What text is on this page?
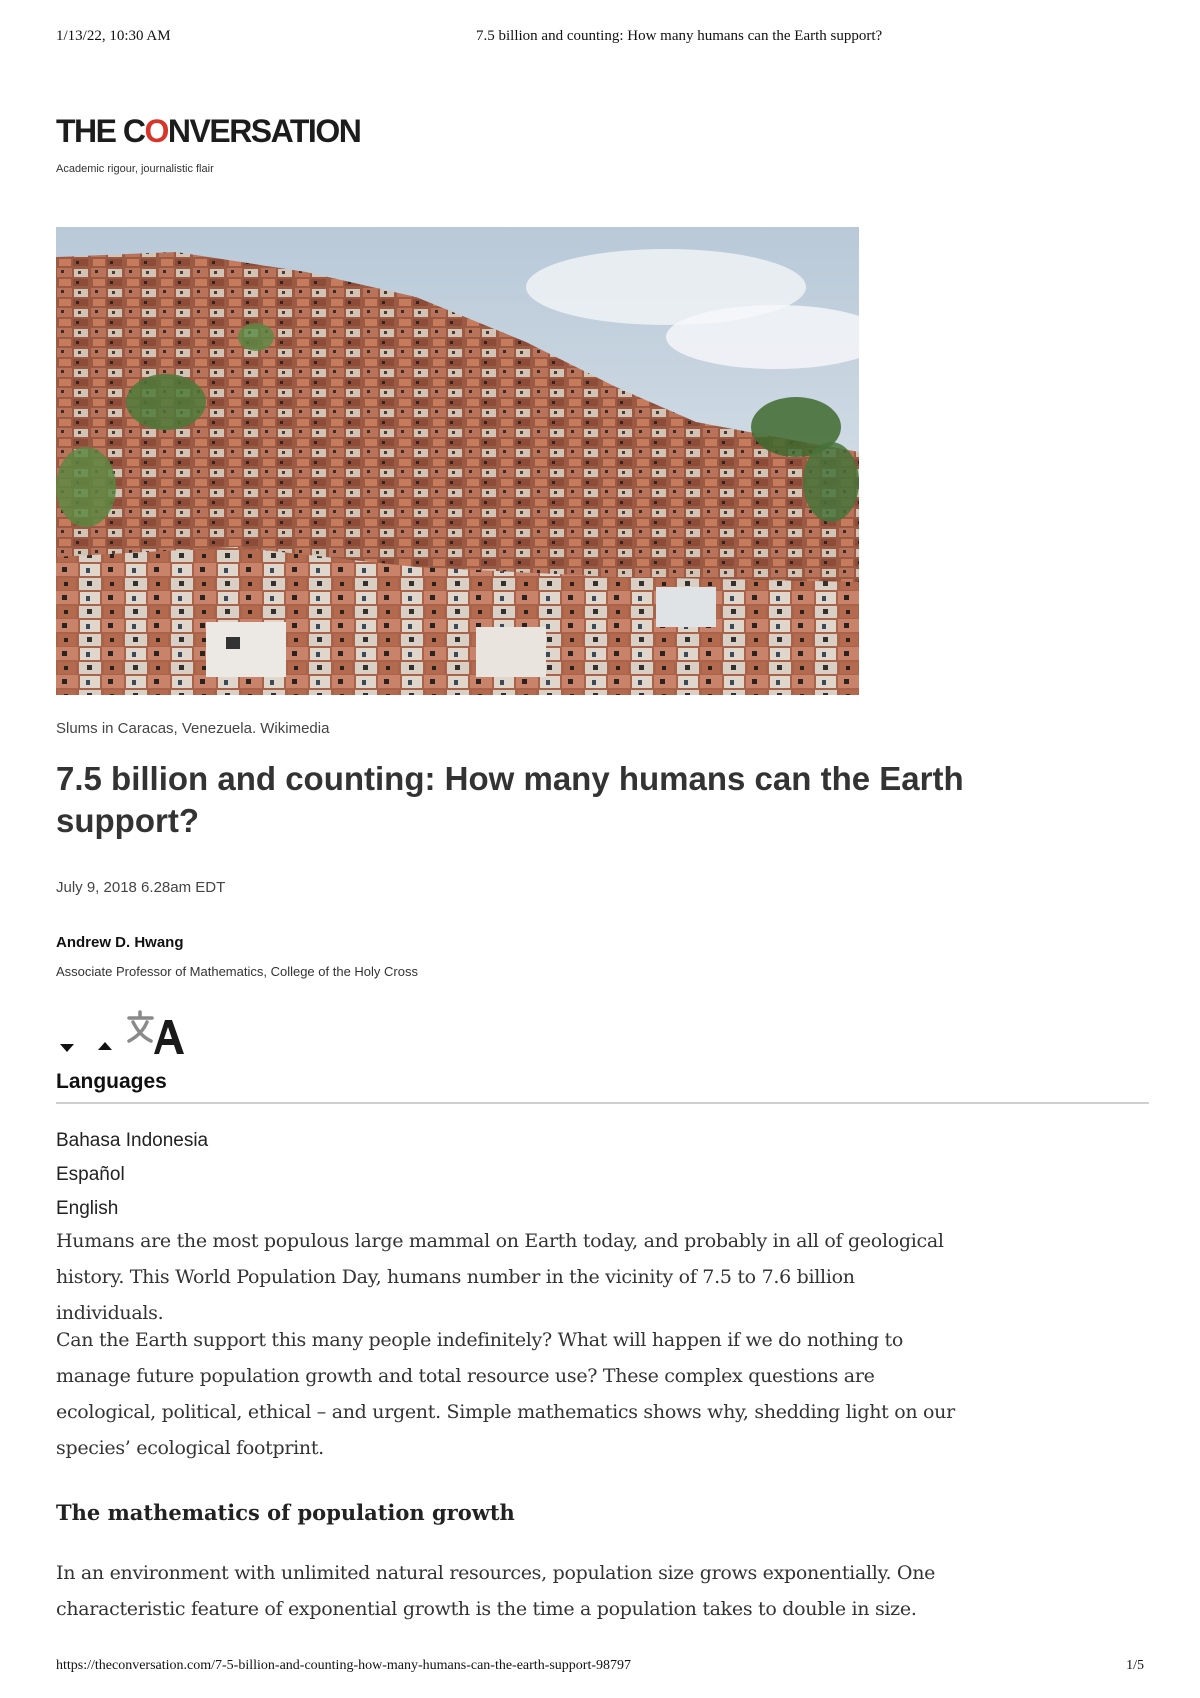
1/13/22, 10:30 AM	7.5 billion and counting: How many humans can the Earth support?
THE CONVERSATION
Academic rigour, journalistic flair
Slums in Caracas, Venezuela. Wikimedia
7.5 billion and counting: How many humans can the Earth support?
July 9, 2018 6.28am EDT
Andrew D. Hwang
Associate Professor of Mathematics, College of the Holy Cross
Languages
Bahasa Indonesia
Español
English

Humans are the most populous large mammal on Earth today, and probably in all of geological history. This World Population Day, humans number in the vicinity of 7.5 to 7.6 billion individuals.

Can the Earth support this many people indefinitely? What will happen if we do nothing to manage future population growth and total resource use? These complex questions are ecological, political, ethical – and urgent. Simple mathematics shows why, shedding light on our species’ ecological footprint.

The mathematics of population growth

In an environment with unlimited natural resources, population size grows exponentially. One characteristic feature of exponential growth is the time a population takes to double in size.

https://theconversation.com/7-5-billion-and-counting-how-many-humans-can-the-earth-support-98797	1/5
